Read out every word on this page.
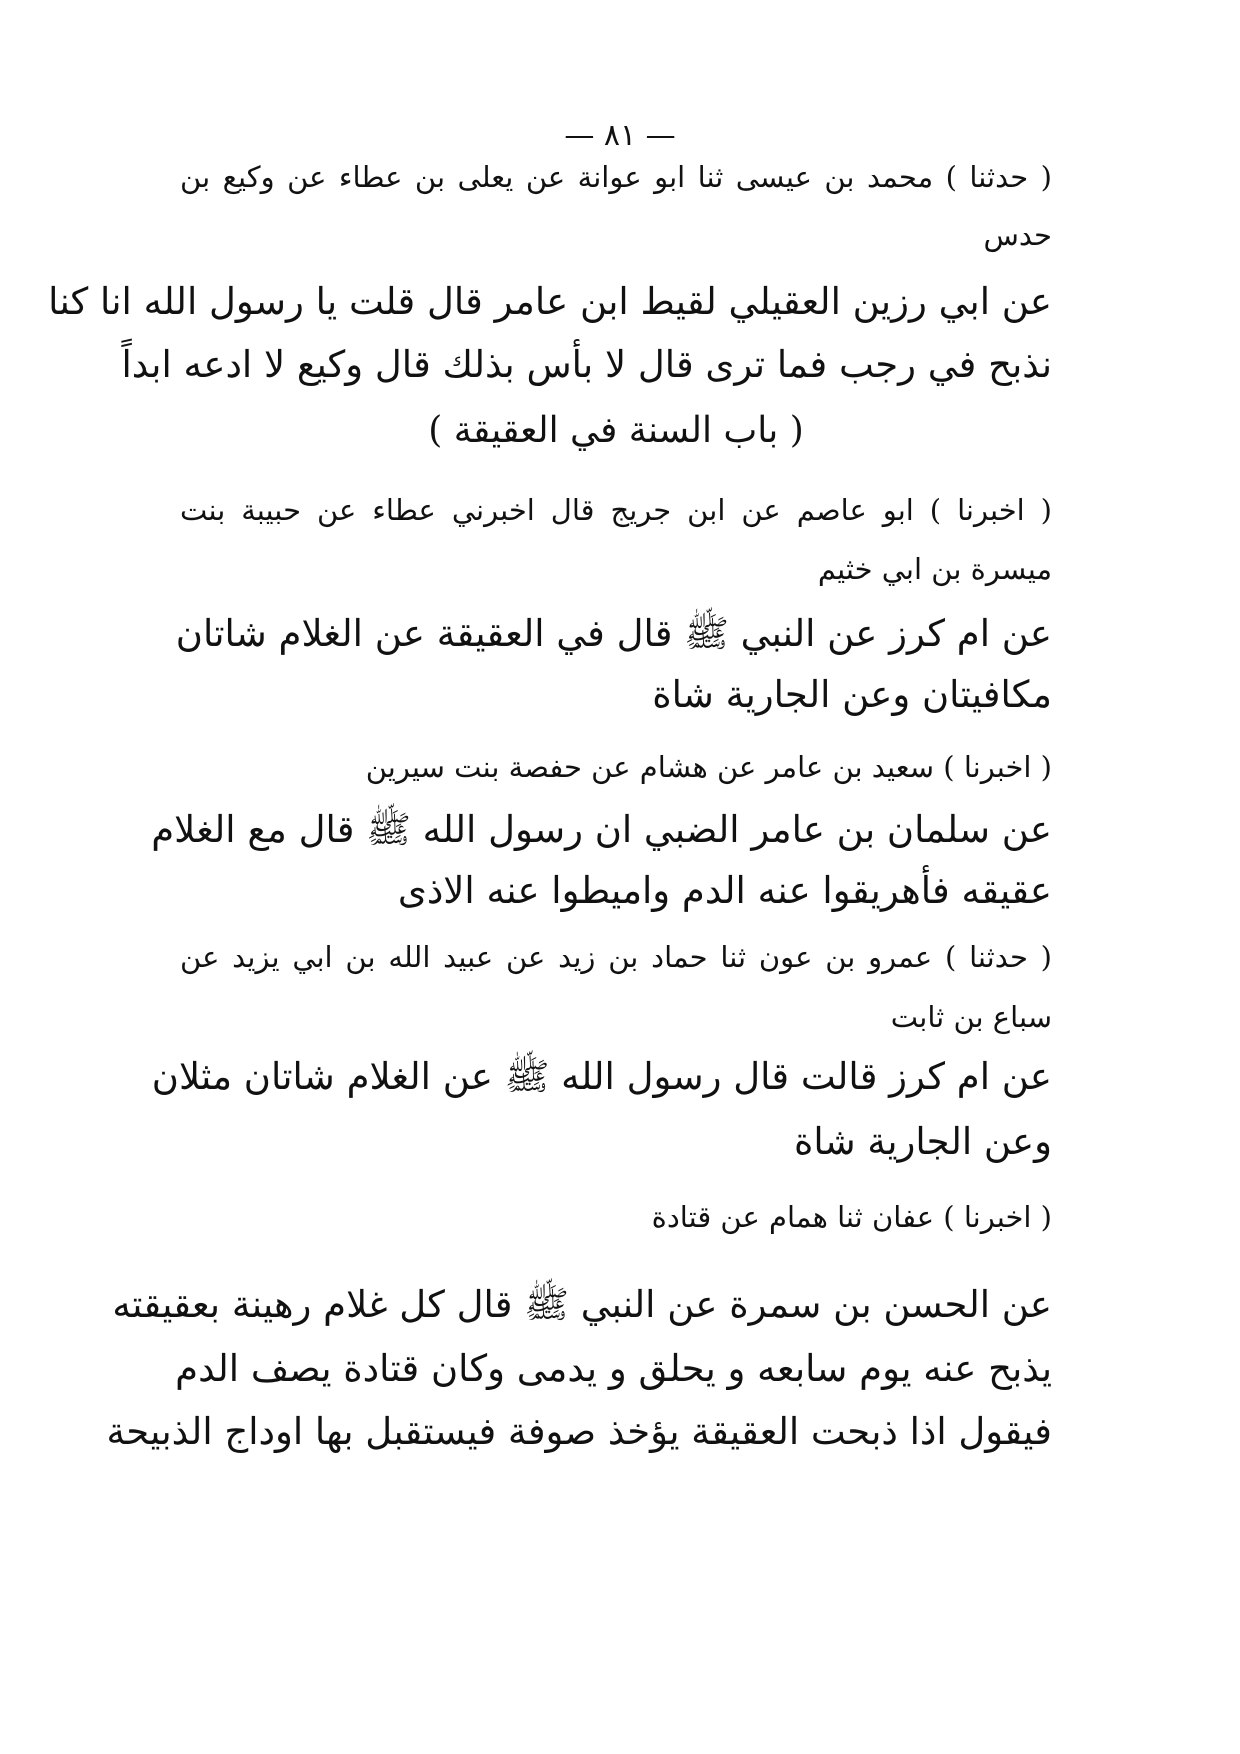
— ٨١ —
( حدثنا ) محمد بن عيسى ثنا ابو عوانة عن يعلى بن عطاء عن وكيع بن
حدس
عن ابي رزين العقيلي لقيط ابن عامر قال قلت يا رسول الله انا كنا
نذبح في رجب فما ترى قال لا بأس بذلك قال وكيع لا ادعه ابداً
( باب السنة في العقيقة )
( اخبرنا ) ابو عاصم عن ابن جريج قال اخبرني عطاء عن حبيبة بنت
ميسرة بن ابي خثيم
عن ام كرز عن النبي ﷺ قال في العقيقة عن الغلام شاتان
مكافيتان وعن الجارية شاة
( اخبرنا ) سعيد بن عامر عن هشام عن حفصة بنت سيرين
عن سلمان بن عامر الضبي ان رسول الله ﷺ قال مع الغلام
عقيقه فأهريقوا عنه الدم واميطوا عنه الاذى
( حدثنا ) عمرو بن عون ثنا حماد بن زيد عن عبيد الله بن ابي يزيد عن
سباع بن ثابت
عن ام كرز قالت قال رسول الله ﷺ عن الغلام شاتان مثلان
وعن الجارية شاة
( اخبرنا ) عفان ثنا همام عن قتادة
عن الحسن بن سمرة عن النبي ﷺ قال كل غلام رهينة بعقيقته
يذبح عنه يوم سابعه و يحلق و يدمى وكان قتادة يصف الدم
فيقول اذا ذبحت العقيقة يؤخذ صوفة فيستقبل بها اوداج الذبيحة
